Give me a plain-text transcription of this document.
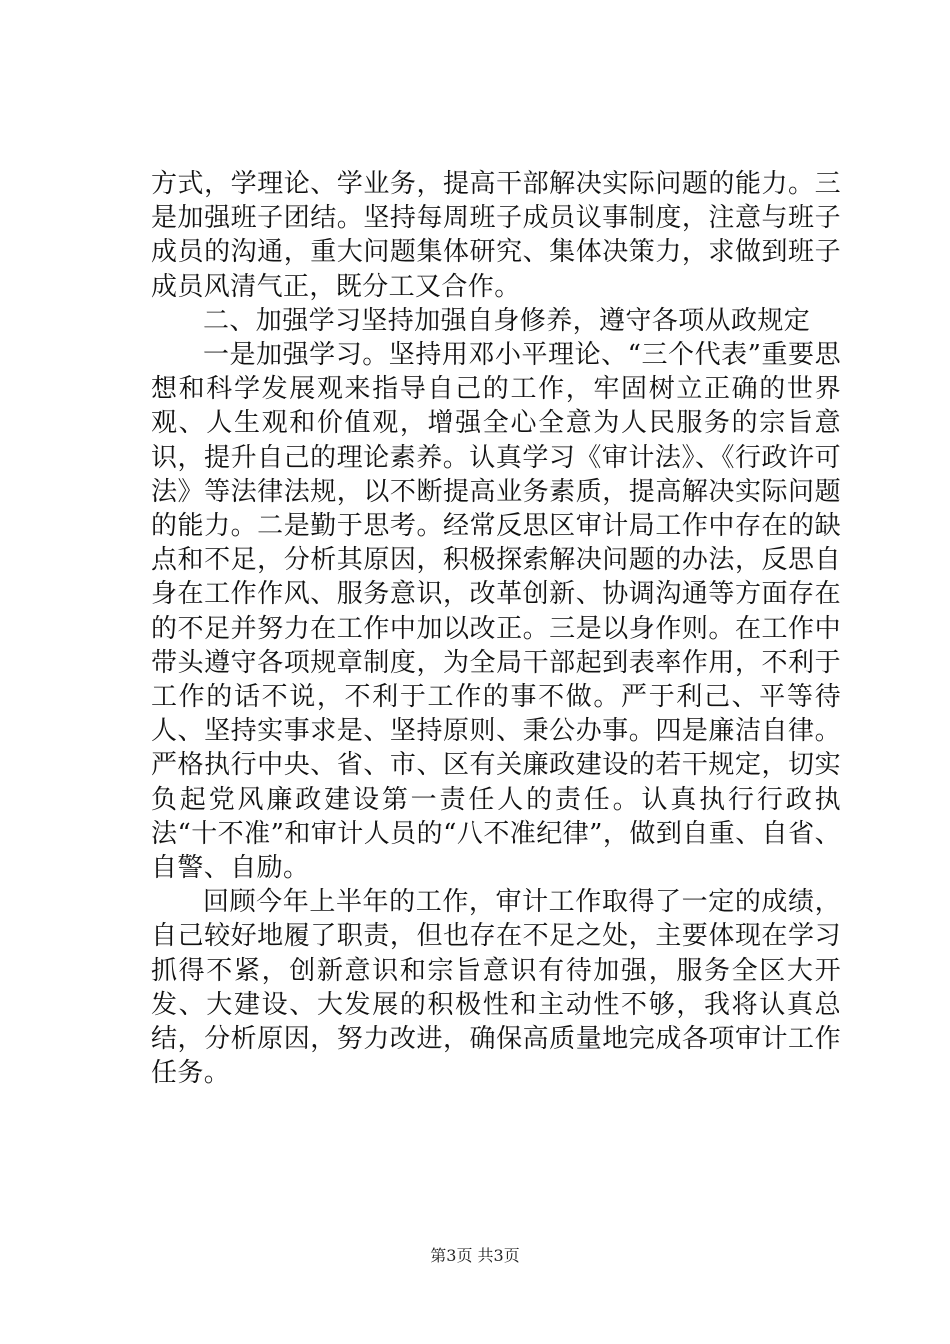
方式，学理论、学业务，提高干部解决实际问题的能力。三是加强班子团结。坚持每周班子成员议事制度，注意与班子成员的沟通，重大问题集体研究、集体决策力，求做到班子成员风清气正，既分工又合作。

二、加强学习坚持加强自身修养，遵守各项从政规定

一是加强学习。坚持用邓小平理论、“三个代表”重要思想和科学发展观来指导自己的工作，牢固树立正确的世界观、人生观和价值观，增强全心全意为人民服务的宗旨意识，提升自己的理论素养。认真学习《审计法》、《行政许可法》等法律法规，以不断提高业务素质，提高解决实际问题的能力。二是勤于思考。经常反思区审计局工作中存在的缺点和不足，分析其原因，积极探索解决问题的办法，反思自身在工作作风、服务意识，改革创新、协调沟通等方面存在的不足并努力在工作中加以改正。三是以身作则。在工作中带头遵守各项规章制度，为全局干部起到表率作用，不利于工作的话不说，不利于工作的事不做。严于利己、平等待人、坚持实事求是、坚持原则、秉公办事。四是廉洁自律。严格执行中央、省、市、区有关廉政建设的若干规定，切实负起党风廉政建设第一责任人的责任。认真执行行政执法“十不准”和审计人员的“八不准纪律”，做到自重、自省、自警、自励。

回顾今年上半年的工作，审计工作取得了一定的成绩，自己较好地履了职责，但也存在不足之处，主要体现在学习抓得不紧，创新意识和宗旨意识有待加强，服务全区大开发、大建设、大发展的积极性和主动性不够，我将认真总结，分析原因，努力改进，确保高质量地完成各项审计工作任务。

第3页 共3页
